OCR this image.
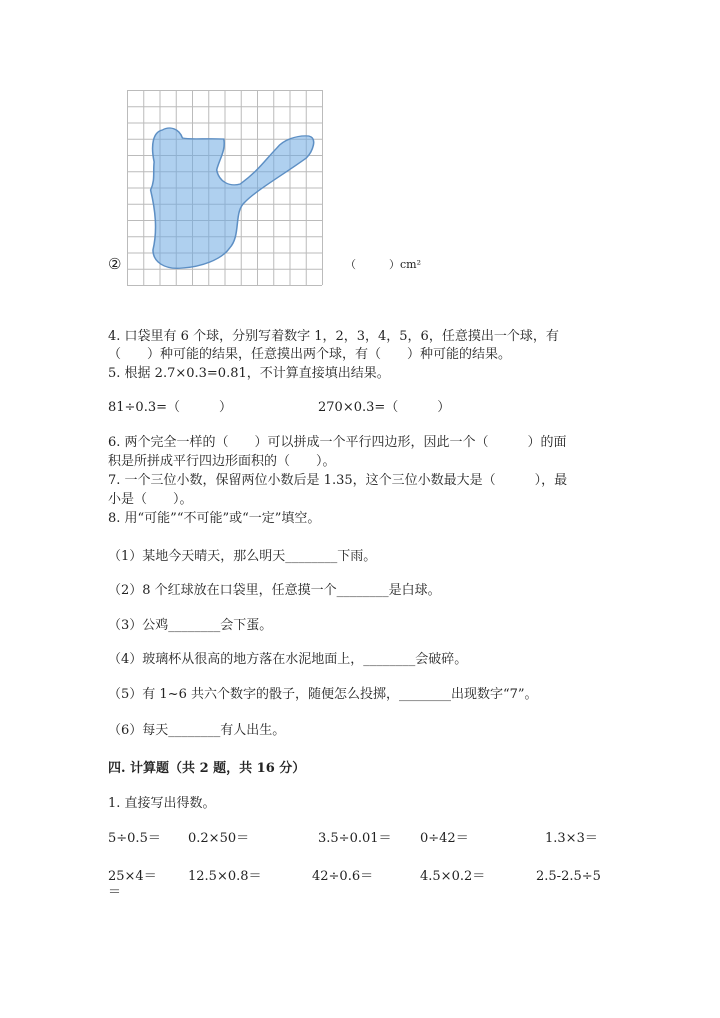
②	（　　　）cm²
4. 口袋里有 6 个球，分别写着数字 1，2，3，4，5，6，任意摸出一个球，有
（　　）种可能的结果，任意摸出两个球，有（　　）种可能的结果。
5. 根据 2.7×0.3=0.81，不计算直接填出结果。
81÷0.3=（　　　）	270×0.3=（　　　）
6. 两个完全一样的（　　）可以拼成一个平行四边形，因此一个（　　　）的面
积是所拼成平行四边形面积的（　　）。
7. 一个三位小数，保留两位小数后是 1.35，这个三位小数最大是（　　　），最
小是（　　）。
8. 用“可能”“不可能”或“一定”填空。
（1）某地今天晴天，那么明天________下雨。
（2）8 个红球放在口袋里，任意摸一个________是白球。
（3）公鸡________会下蛋。
（4）玻璃杯从很高的地方落在水泥地面上，________会破碎。
（5）有 1~6 共六个数字的骰子，随便怎么投掷，________出现数字“7”。
（6）每天________有人出生。
四. 计算题（共 2 题，共 16 分）
1. 直接写出得数。
5÷0.5＝ 0.2×50＝	3.5÷0.01＝ 0÷42＝	1.3×3＝
25×4＝ 12.5×0.8＝	42÷0.6＝	4.5×0.2＝	2.5-2.5÷5
＝
